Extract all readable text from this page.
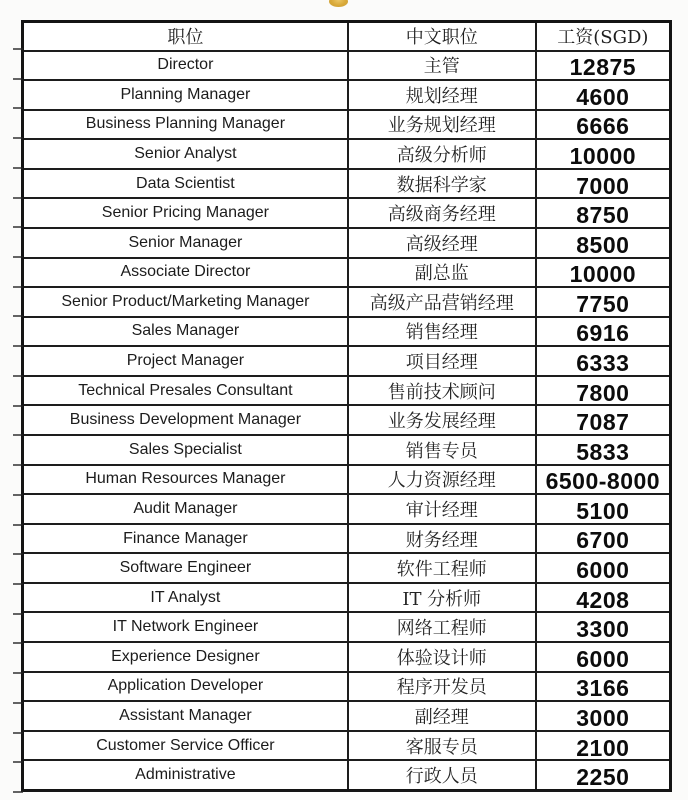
职位	中文职位	工资(SGD)
Director	主管	12875
Planning Manager	规划经理	4600
Business Planning Manager	业务规划经理	6666
Senior Analyst	高级分析师	10000
Data Scientist	数据科学家	7000
Senior Pricing Manager	高级商务经理	8750
Senior Manager	高级经理	8500
Associate Director	副总监	10000
Senior Product/Marketing Manager	高级产品营销经理	7750
Sales Manager	销售经理	6916
Project Manager	项目经理	6333
Technical Presales Consultant	售前技术顾问	7800
Business Development Manager	业务发展经理	7087
Sales Specialist	销售专员	5833
Human Resources Manager	人力资源经理	6500-8000
Audit Manager	审计经理	5100
Finance Manager	财务经理	6700
Software Engineer	软件工程师	6000
IT Analyst	IT 分析师	4208
IT Network Engineer	网络工程师	3300
Experience Designer	体验设计师	6000
Application Developer	程序开发员	3166
Assistant Manager	副经理	3000
Customer Service Officer	客服专员	2100
Administrative	行政人员	2250
